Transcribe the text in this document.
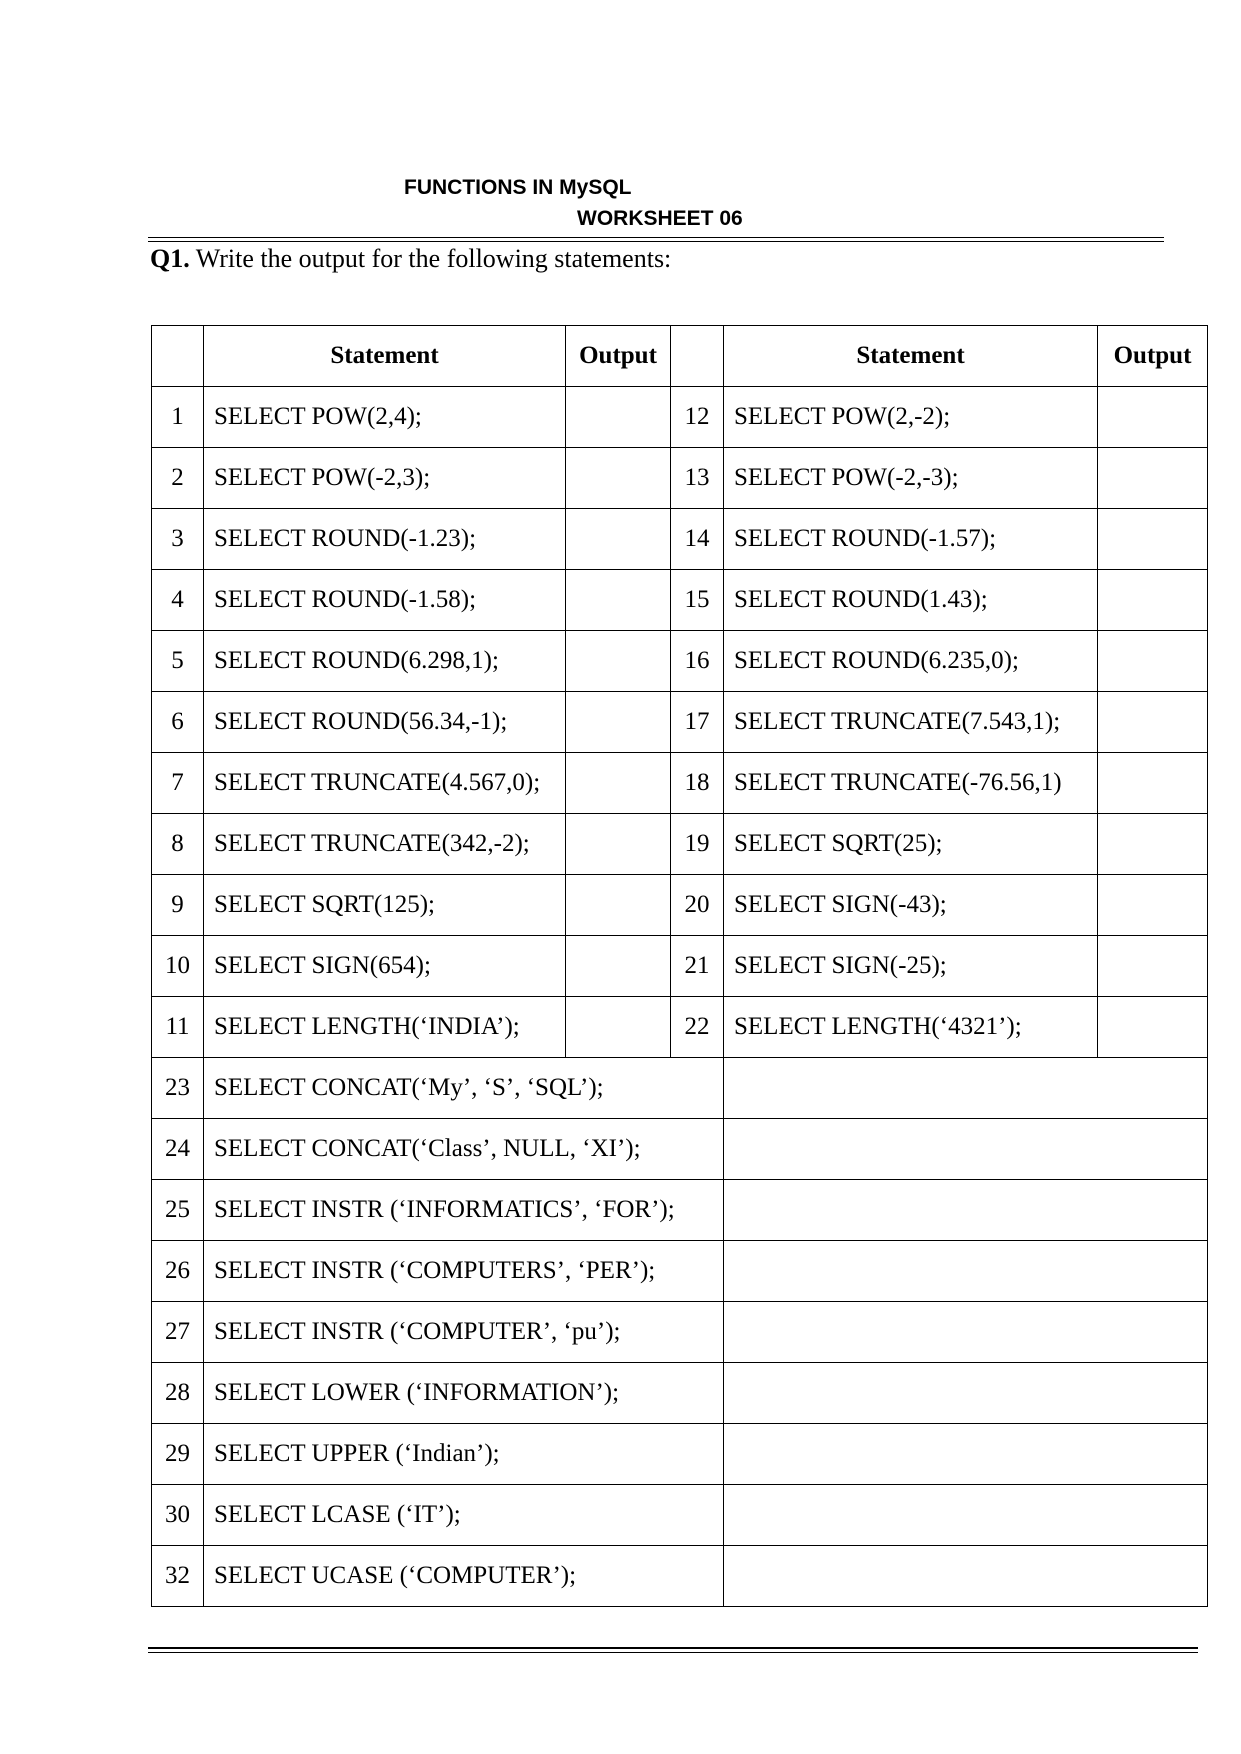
FUNCTIONS IN MySQL
WORKSHEET 06
Q1. Write the output for the following statements:
	Statement	Output		Statement	Output
1	SELECT POW(2,4);		12	SELECT POW(2,-2);	
2	SELECT POW(-2,3);		13	SELECT POW(-2,-3);	
3	SELECT ROUND(-1.23);		14	SELECT ROUND(-1.57);	
4	SELECT ROUND(-1.58);		15	SELECT ROUND(1.43);	
5	SELECT ROUND(6.298,1);		16	SELECT ROUND(6.235,0);	
6	SELECT ROUND(56.34,-1);		17	SELECT TRUNCATE(7.543,1);	
7	SELECT TRUNCATE(4.567,0);		18	SELECT TRUNCATE(-76.56,1)	
8	SELECT TRUNCATE(342,-2);		19	SELECT SQRT(25);	
9	SELECT SQRT(125);		20	SELECT SIGN(-43);	
10	SELECT SIGN(654);		21	SELECT SIGN(-25);	
11	SELECT LENGTH(‘INDIA’);		22	SELECT LENGTH(‘4321’);	
23	SELECT CONCAT(‘My’, ‘S’, ‘SQL’);				
24	SELECT CONCAT(‘Class’, NULL, ‘XI’);				
25	SELECT INSTR (‘INFORMATICS’, ‘FOR’);				
26	SELECT INSTR (‘COMPUTERS’, ‘PER’);				
27	SELECT INSTR (‘COMPUTER’, ‘pu’);				
28	SELECT LOWER (‘INFORMATION’);				
29	SELECT UPPER (‘Indian’);				
30	SELECT LCASE (‘IT’);				
32	SELECT UCASE (‘COMPUTER’);				
